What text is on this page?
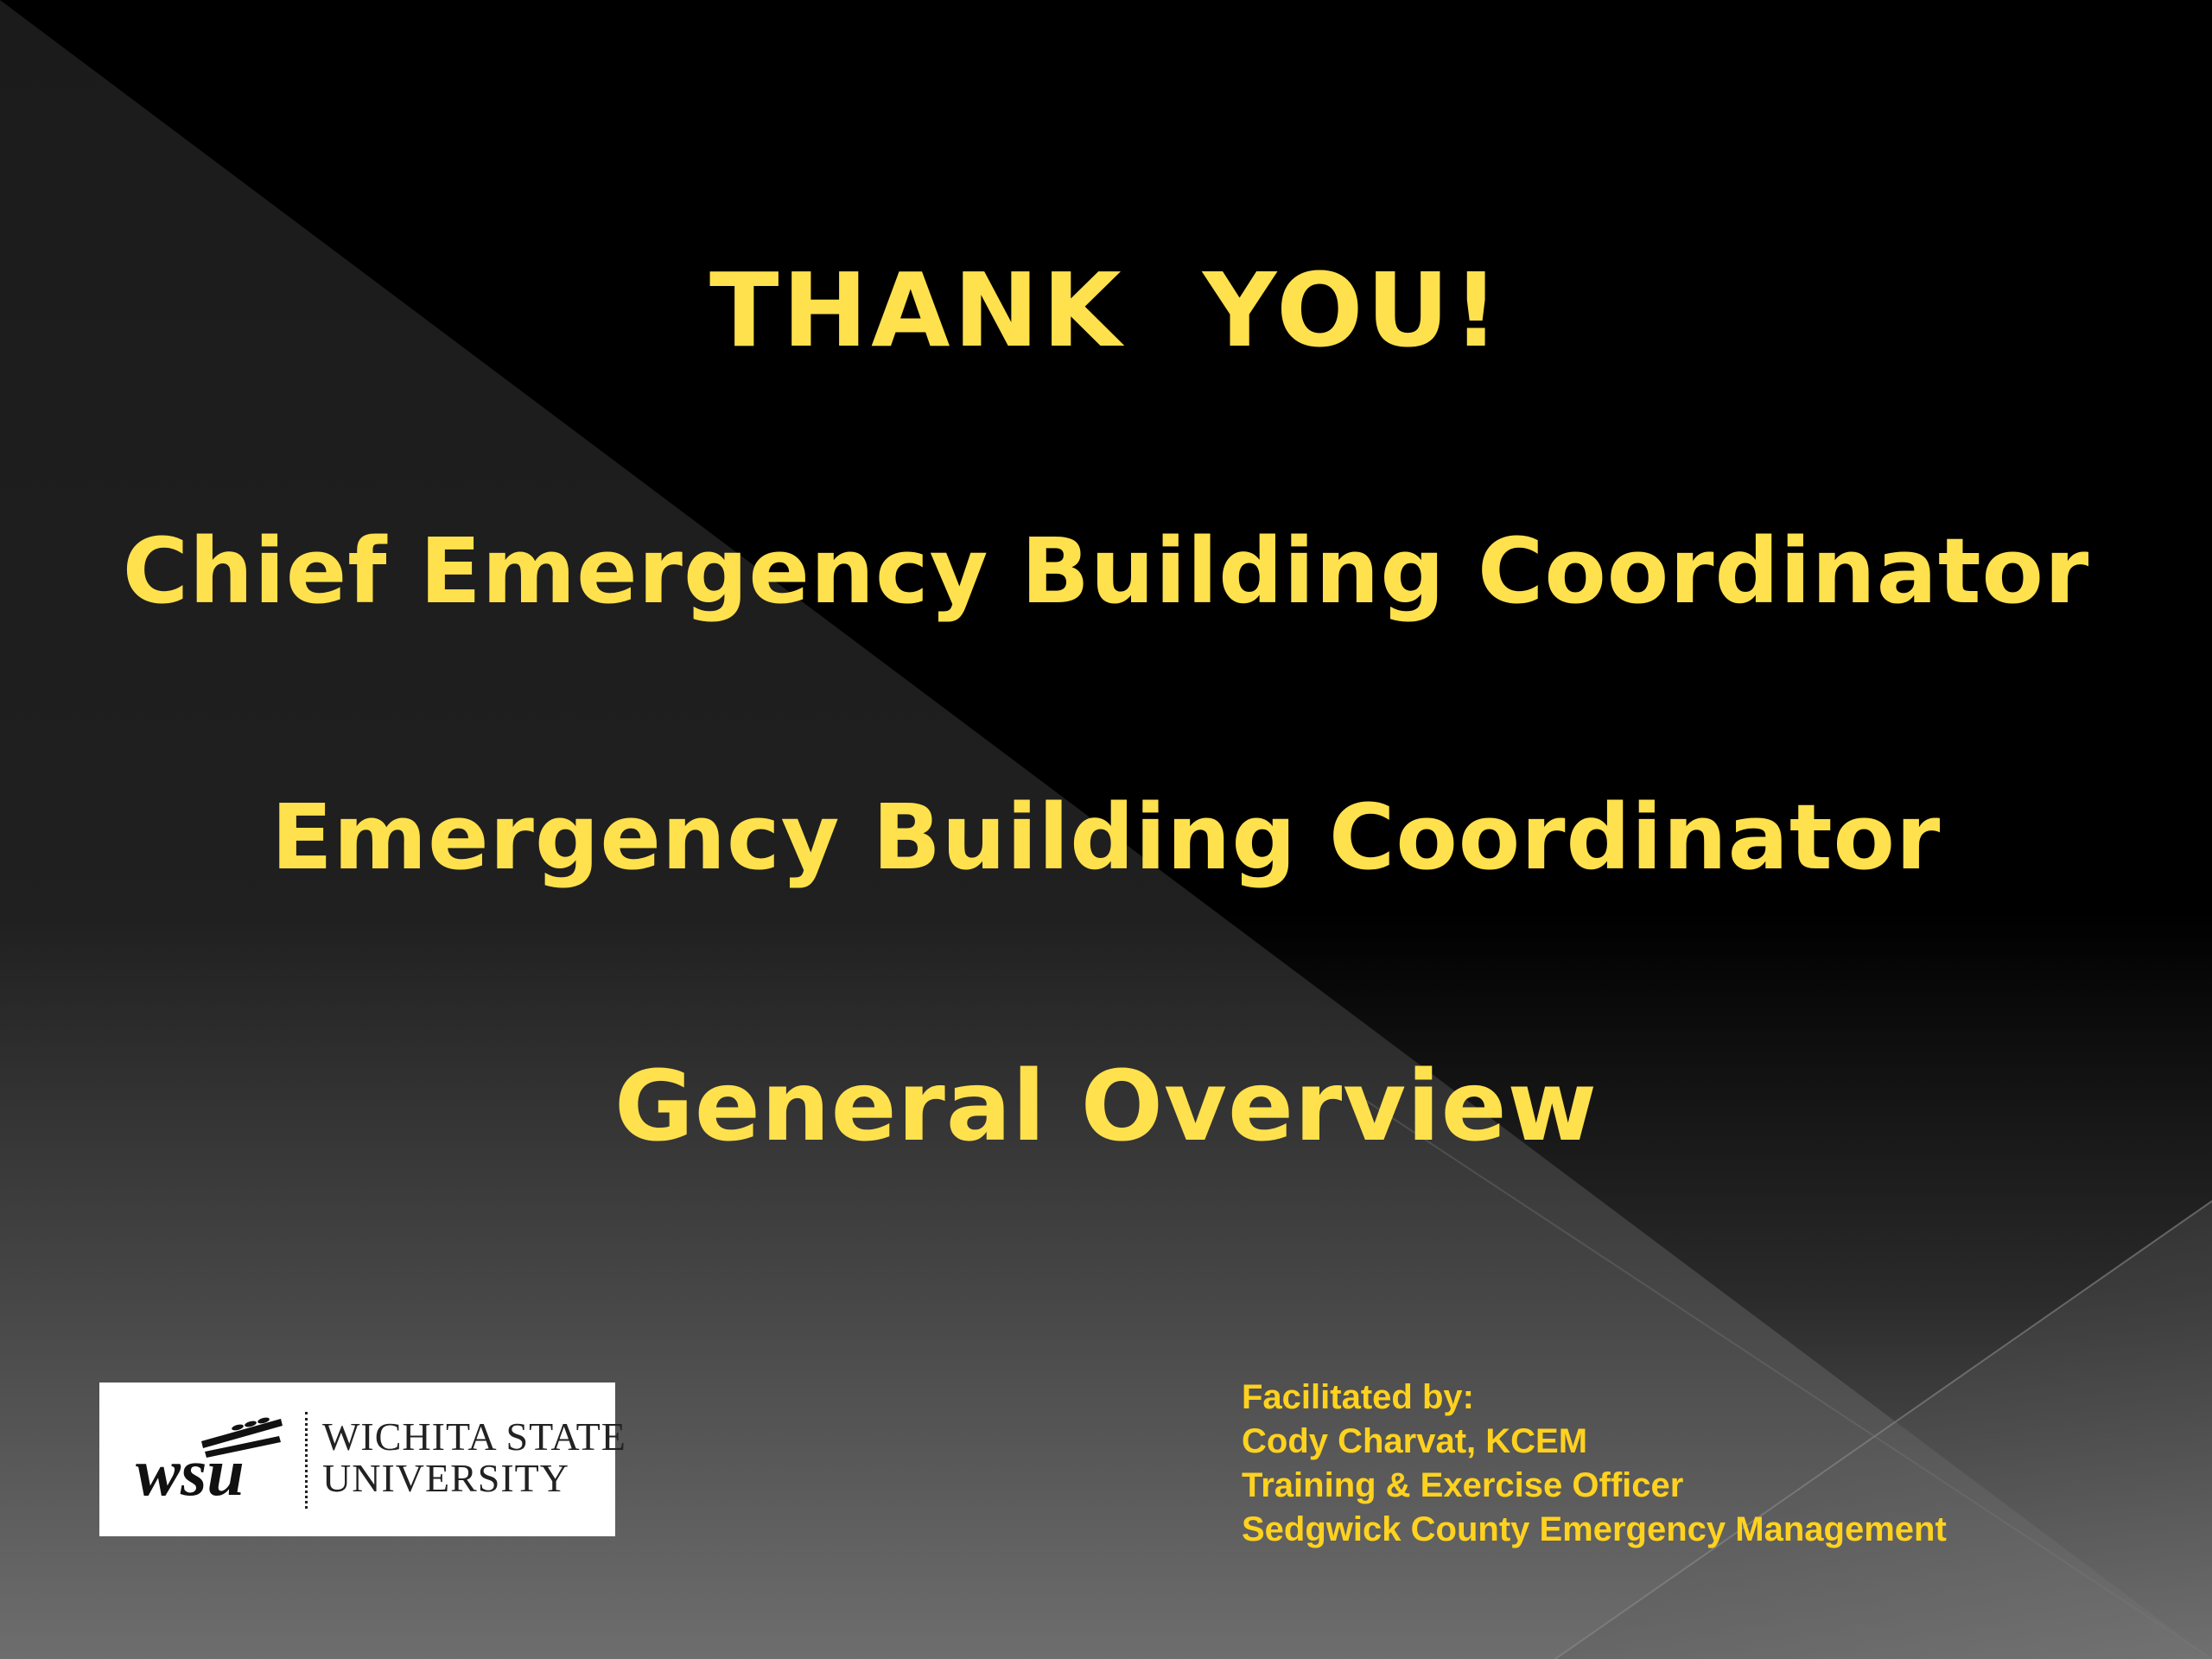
THANK  YOU!
Chief Emergency Building Coordinator
Emergency Building Coordinator
General Overview
wsu WICHITA STATE
UNIVERSITY
Facilitated by:
Cody Charvat, KCEM
Training & Exercise Officer
Sedgwick County Emergency Management
